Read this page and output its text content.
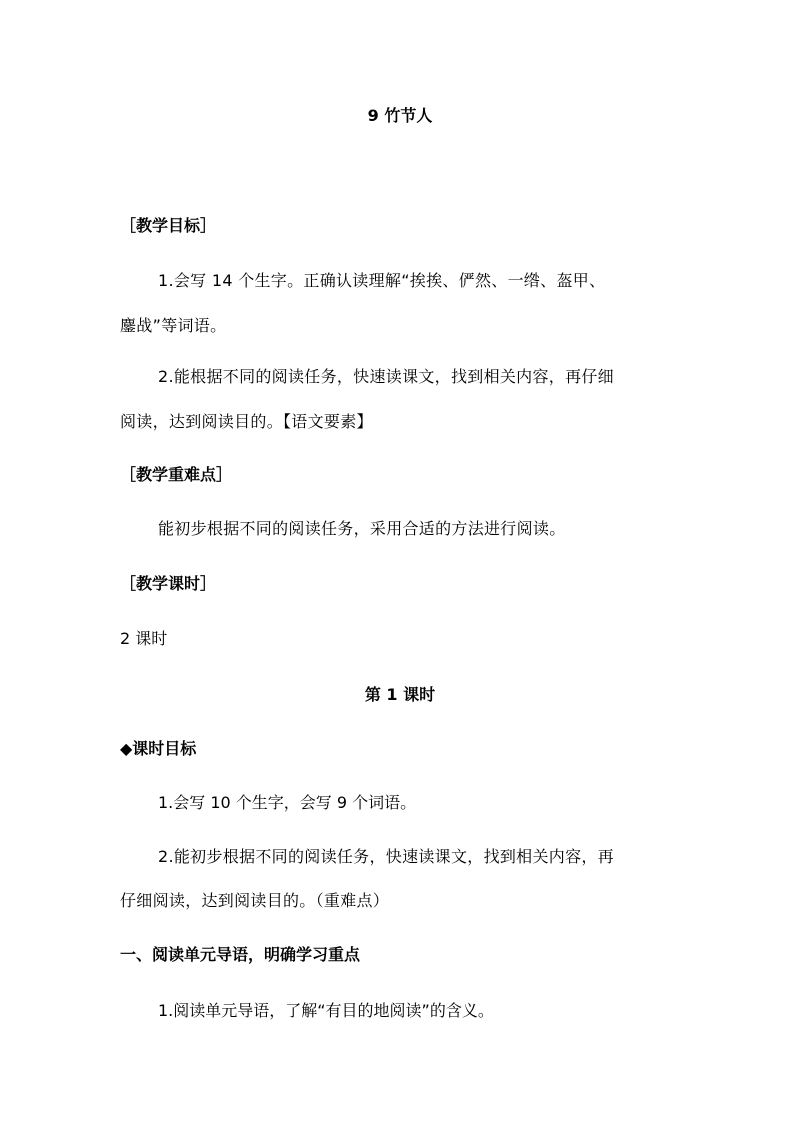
9 竹节人
［教学目标］
1.会写 14 个生字。正确认读理解“挨挨、俨然、一绺、盔甲、
鏖战”等词语。
2.能根据不同的阅读任务，快速读课文，找到相关内容，再仔细
阅读，达到阅读目的。【语文要素】
［教学重难点］
能初步根据不同的阅读任务，采用合适的方法进行阅读。
［教学课时］
2 课时
第 1 课时
◆课时目标
1.会写 10 个生字，会写 9 个词语。
2.能初步根据不同的阅读任务，快速读课文，找到相关内容，再
仔细阅读，达到阅读目的。（重难点）
一、阅读单元导语，明确学习重点
1.阅读单元导语，了解“有目的地阅读”的含义。
